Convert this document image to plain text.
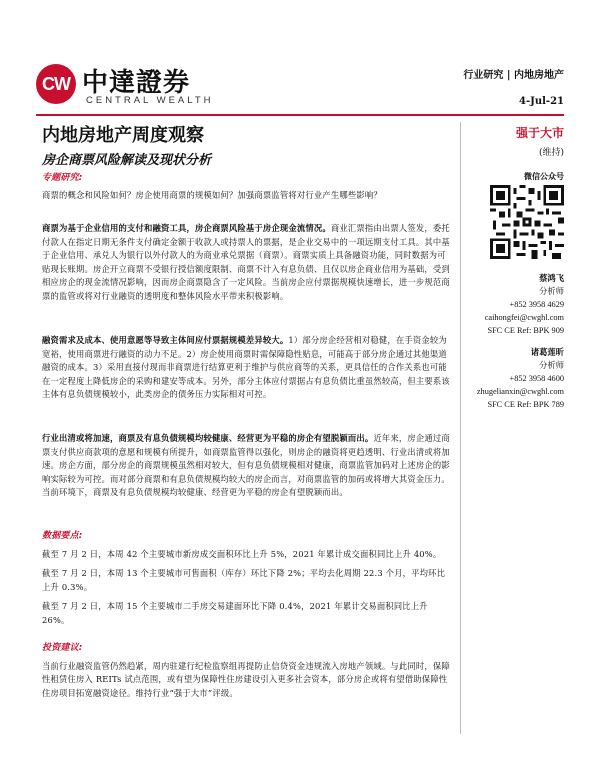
CW 中達證券
CENTRAL WEALTH
行业研究 | 内地房地产
4-Jul-21
内地房地产周度观察
房企商票风险解读及现状分析
专题研究:
商票的概念和风险如何？房企使用商票的规模如何？加强商票监管将对行业产生哪些影响？
商票为基于企业信用的支付和融资工具，房企商票风险基于房企现金流情况。商业汇票指由出票人签发，委托付款人在指定日期无条件支付确定金额于收款人或持票人的票据，是企业交易中的一项远期支付工具。其中基于企业信用、承兑人为银行以外付款人的为商业承兑票据（商票）。商票实质上具备融资功能，同时数据为可贴现长账期。房企开立商票不受银行授信额度限制、商票不计入有息负债、且仅以房企商业信用为基础，受到相应房企的现金流情况影响，因而房企商票隐含了一定风险。当前房企应付票据规模快速增长，进一步规范商票的监管或将对行业融资的透明度和整体风险水平带来积极影响。
融资需求及成本、使用意愿等导致主体间应付票据规模差异较大。1）部分房企经营相对稳健，在手资金较为宽裕，使用商票进行融资的动力不足。2）房企使用商票时需保障隐性贴息，可能高于部分房企通过其他渠道融资的成本。3）采用直接付现而非商票进行结算更利于维护与供应商等的关系，更具信任的合作关系也可能在一定程度上降低房企的采购和建安等成本。另外，部分主体应付票据占有息负债比重虽然较高，但主要系该主体有息负债规模较小，此类房企的债务压力实际相对可控。
行业出清或将加速，商票及有息负债规模均较健康、经营更为平稳的房企有望脱颖而出。近年来，房企通过商票支付供应商款项的意愿和规模有所提升，如商票监管得以强化，则房企的融资将更趋透明、行业出清或将加速。房企方面，部分房企的商票规模虽然相对较大，但有息负债规模相对健康，商票监管加码对上述房企的影响实际较为可控。而对部分商票和有息负债规模均较大的房企而言，对商票监管的加码或将增大其资金压力。当前环境下，商票及有息负债规模均较健康、经营更为平稳的房企有望脱颖而出。
数据要点:
截至 7 月 2 日，本周 42 个主要城市新房成交面积环比上升 5%，2021 年累计成交面积同比上升 40%。
截至 7 月 2 日，本周 13 个主要城市可售面积（库存）环比下降 2%；平均去化周期 22.3 个月，平均环比上升 0.3%。
截至 7 月 2 日，本周 15 个主要城市二手房交易建面环比下降 0.4%，2021 年累计交易面积同比上升 26%。
投资建议:
当前行业融资监管仍然趋紧，周内驻建行纪检监察组再提防止信贷资金违规流入房地产领域。与此同时，保障性租赁住房入 REITs 试点范围，或有望为保障性住房建设引入更多社会资本，部分房企或将有望借助保障性住房项目拓宽融资途径。维持行业“强于大市”评级。
强于大市
(维持)
微信公众号
蔡鸿飞
分析师
+852 3958 4629
caihongfei@cwghl.com
SFC CE Ref: BPK 909
诸葛莲昕
分析师
+852 3958 4600
zhugelianxin@cwghl.com
SFC CE Ref: BPK 789
